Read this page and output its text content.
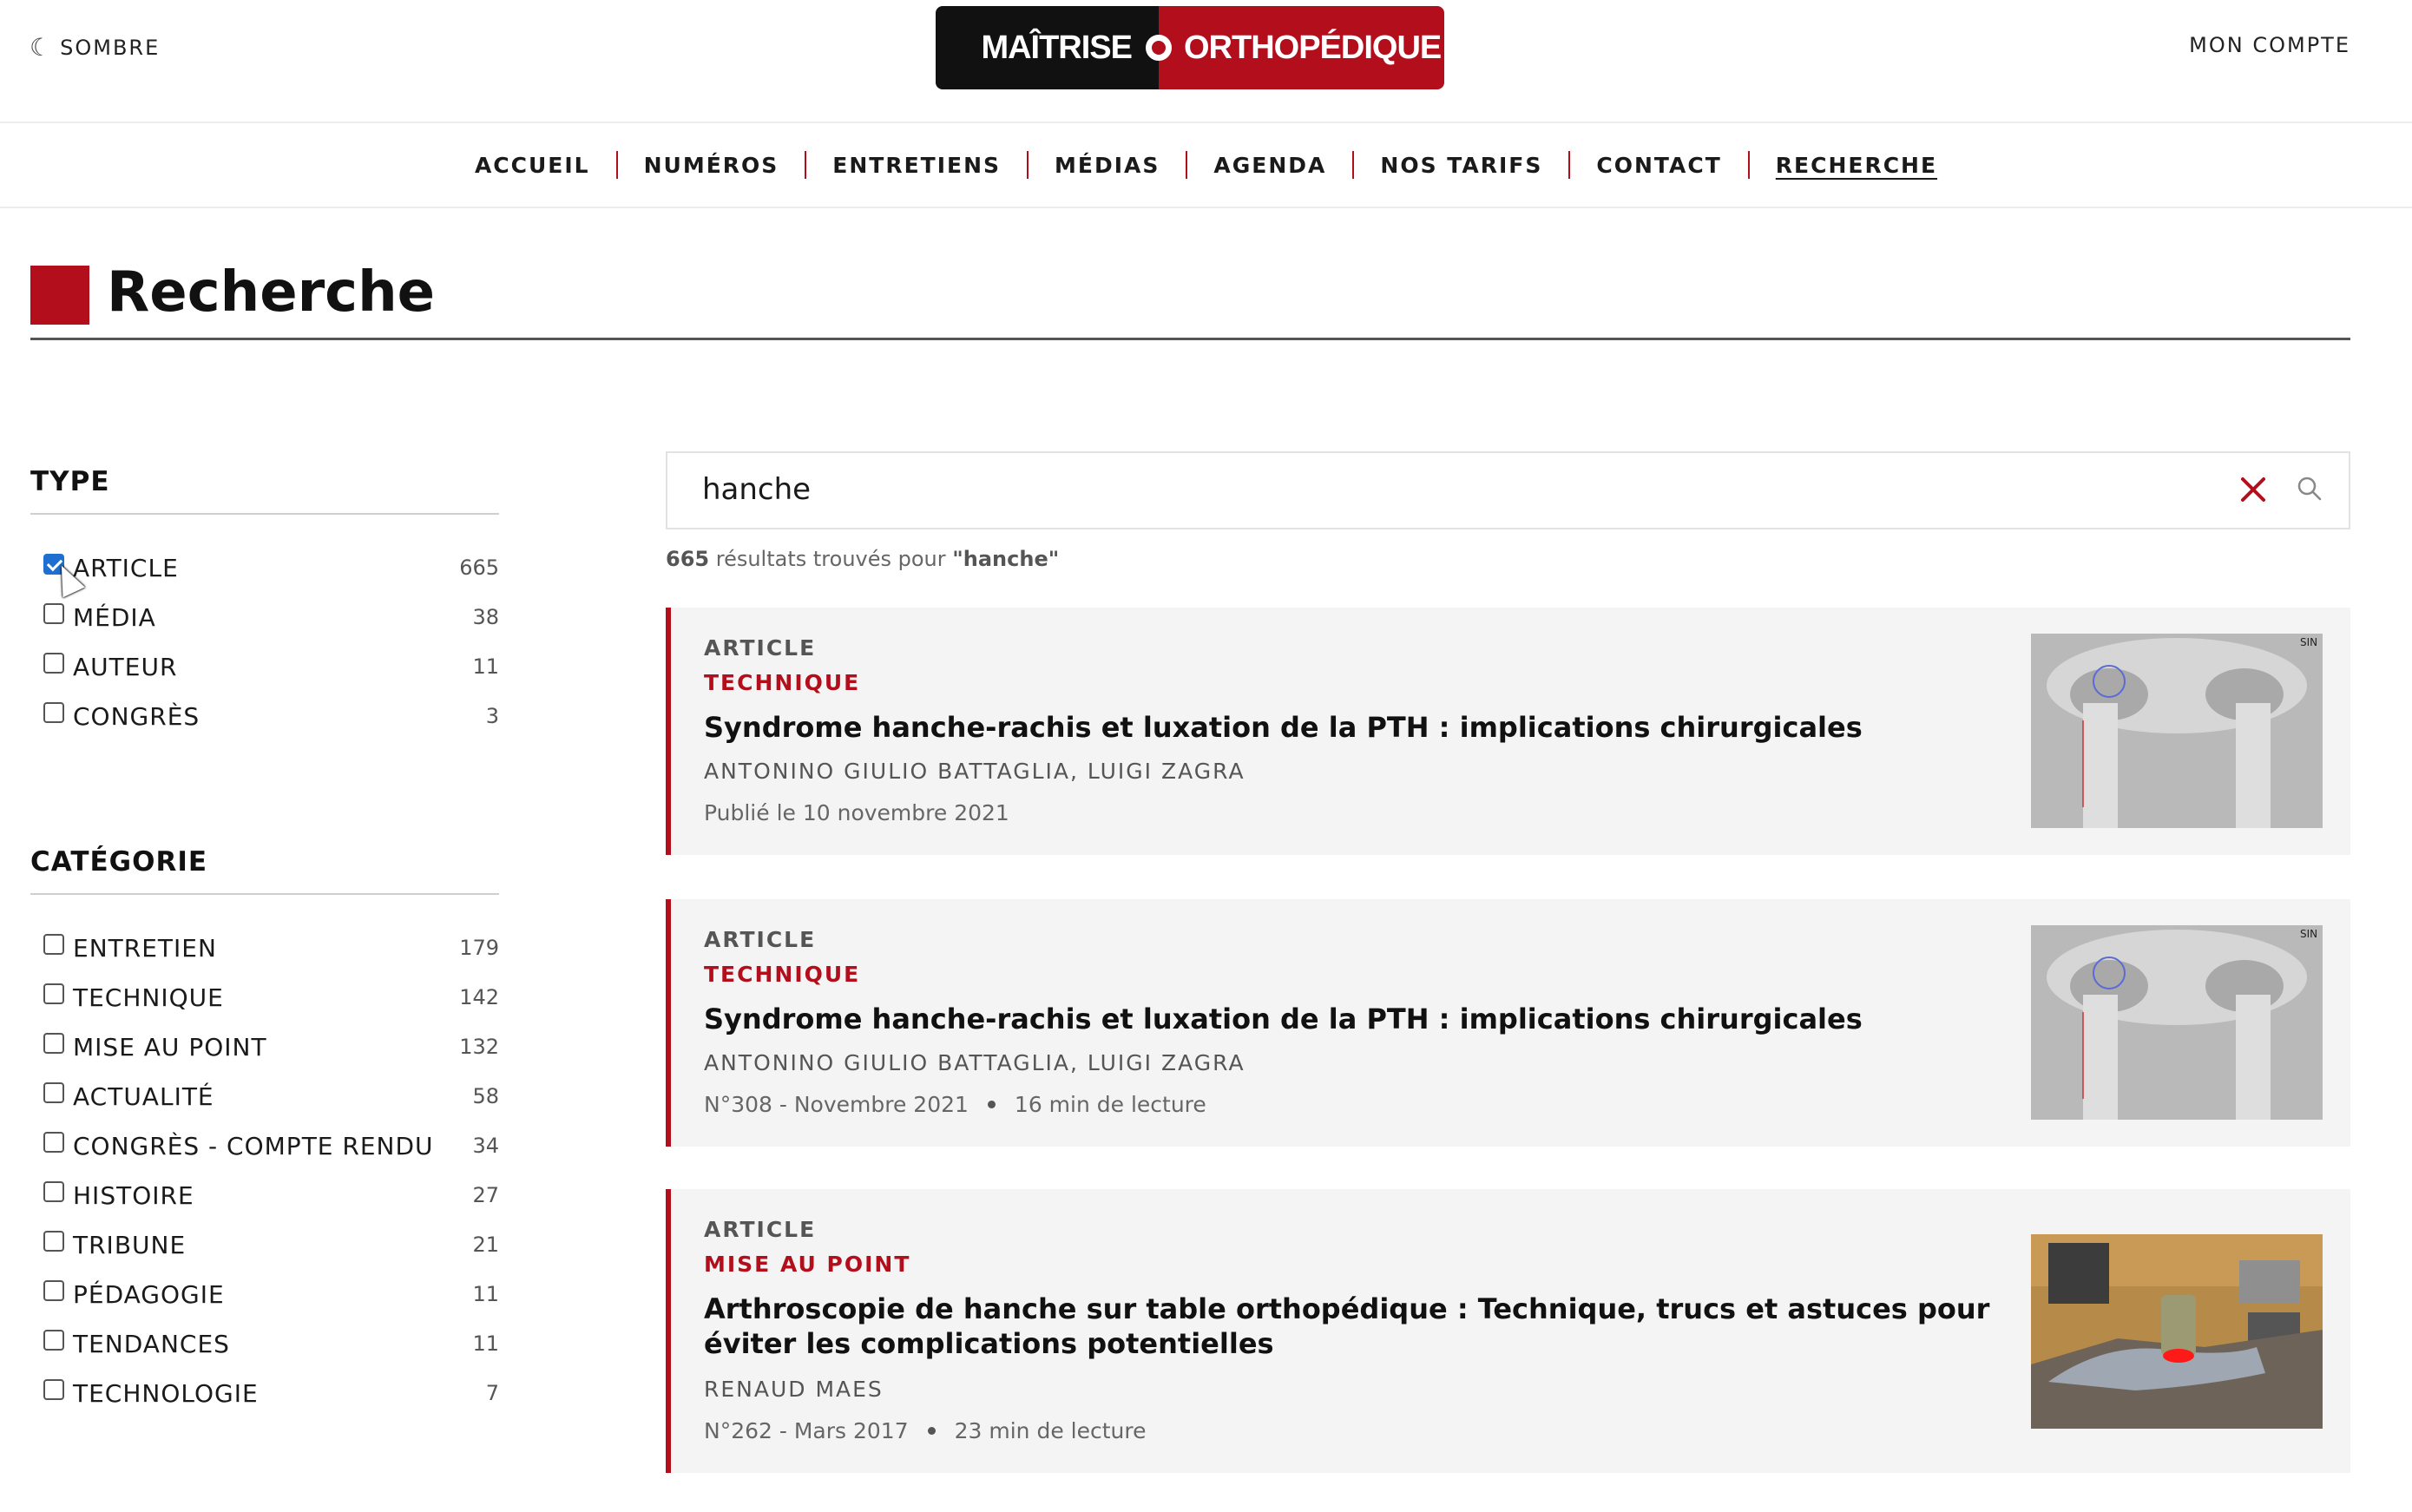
☾ SOMBRE	MAÎTRISE ORTHOPÉDIQUE	MON COMPTE
ACCUEIL	NUMÉROS	ENTRETIENS	MÉDIAS	AGENDA	NOS TARIFS	CONTACT	RECHERCHE
Recherche
TYPE
ARTICLE	665
MÉDIA	38
AUTEUR	11
CONGRÈS	3
CATÉGORIE
ENTRETIEN	179
TECHNIQUE	142
MISE AU POINT	132
ACTUALITÉ	58
CONGRÈS - COMPTE RENDU	34
HISTOIRE	27
TRIBUNE	21
PÉDAGOGIE	11
TENDANCES	11
TECHNOLOGIE	7
hanche
665 résultats trouvés pour "hanche"
ARTICLE
TECHNIQUE
Syndrome hanche-rachis et luxation de la PTH : implications chirurgicales
ANTONINO GIULIO BATTAGLIA, LUIGI ZAGRA
Publié le 10 novembre 2021
SIN
ARTICLE
TECHNIQUE
Syndrome hanche-rachis et luxation de la PTH : implications chirurgicales
ANTONINO GIULIO BATTAGLIA, LUIGI ZAGRA
N°308 - Novembre 2021 16 min de lecture
SIN
ARTICLE
MISE AU POINT
Arthroscopie de hanche sur table orthopédique : Technique, trucs et astuces pour éviter les complications potentielles
RENAUD MAES
N°262 - Mars 2017 23 min de lecture
